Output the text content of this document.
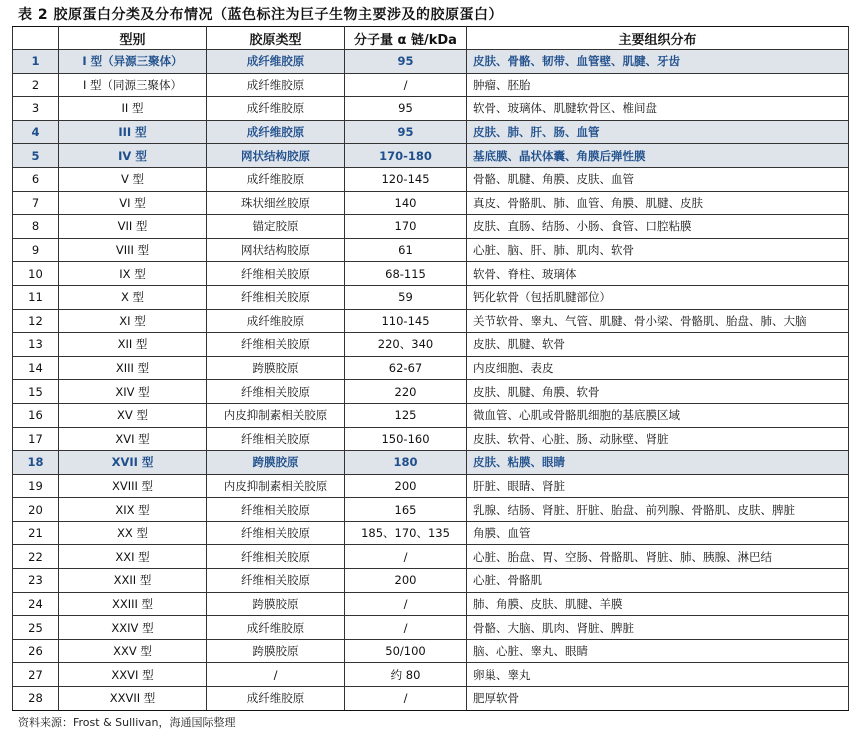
表 2 胶原蛋白分类及分布情况（蓝色标注为巨子生物主要涉及的胶原蛋白）
	型别	胶原类型	分子量 α 链/kDa	主要组织分布
1	I 型（异源三聚体）	成纤维胶原	95	皮肤、骨骼、韧带、血管壁、肌腱、牙齿
2	I 型（同源三聚体）	成纤维胶原	/	肿瘤、胚胎
3	II 型	成纤维胶原	95	软骨、玻璃体、肌腱软骨区、椎间盘
4	III 型	成纤维胶原	95	皮肤、肺、肝、肠、血管
5	IV 型	网状结构胶原	170-180	基底膜、晶状体囊、角膜后弹性膜
6	V 型	成纤维胶原	120-145	骨骼、肌腱、角膜、皮肤、血管
7	VI 型	珠状细丝胶原	140	真皮、骨骼肌、肺、血管、角膜、肌腱、皮肤
8	VII 型	锚定胶原	170	皮肤、直肠、结肠、小肠、食管、口腔粘膜
9	VIII 型	网状结构胶原	61	心脏、脑、肝、肺、肌肉、软骨
10	IX 型	纤维相关胶原	68-115	软骨、脊柱、玻璃体
11	X 型	纤维相关胶原	59	钙化软骨（包括肌腱部位）
12	XI 型	成纤维胶原	110-145	关节软骨、睾丸、气管、肌腱、骨小梁、骨骼肌、胎盘、肺、大脑
13	XII 型	纤维相关胶原	220、340	皮肤、肌腱、软骨
14	XIII 型	跨膜胶原	62-67	内皮细胞、表皮
15	XIV 型	纤维相关胶原	220	皮肤、肌腱、角膜、软骨
16	XV 型	内皮抑制素相关胶原	125	微血管、心肌或骨骼肌细胞的基底膜区域
17	XVI 型	纤维相关胶原	150-160	皮肤、软骨、心脏、肠、动脉壁、肾脏
18	XVII 型	跨膜胶原	180	皮肤、粘膜、眼睛
19	XVIII 型	内皮抑制素相关胶原	200	肝脏、眼睛、肾脏
20	XIX 型	纤维相关胶原	165	乳腺、结肠、肾脏、肝脏、胎盘、前列腺、骨骼肌、皮肤、脾脏
21	XX 型	纤维相关胶原	185、170、135	角膜、血管
22	XXI 型	纤维相关胶原	/	心脏、胎盘、胃、空肠、骨骼肌、肾脏、肺、胰腺、淋巴结
23	XXII 型	纤维相关胶原	200	心脏、骨骼肌
24	XXIII 型	跨膜胶原	/	肺、角膜、皮肤、肌腱、羊膜
25	XXIV 型	成纤维胶原	/	骨骼、大脑、肌肉、肾脏、脾脏
26	XXV 型	跨膜胶原	50/100	脑、心脏、睾丸、眼睛
27	XXVI 型	/	约 80	卵巢、睾丸
28	XXVII 型	成纤维胶原	/	肥厚软骨
资料来源：Frost & Sullivan，海通国际整理
